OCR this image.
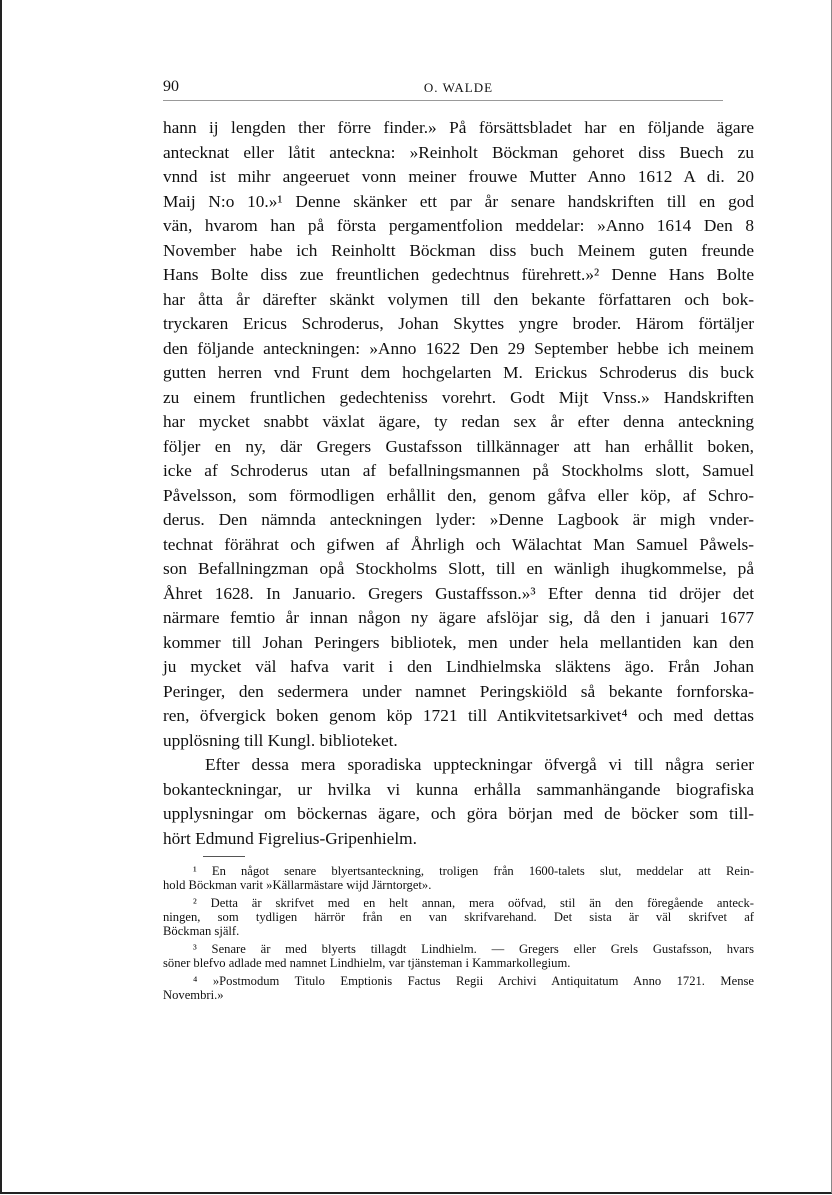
90	O. WALDE
hann ij lengden ther förre finder.» På försättsbladet har en följande ägare
antecknat eller låtit anteckna: »Reinholt Böckman gehoret diss Buech zu
vnnd ist mihr angeeruet vonn meiner frouwe Mutter Anno 1612 A di. 20
Maij N:o 10.»¹ Denne skänker ett par år senare handskriften till en god
vän, hvarom han på första pergamentfolion meddelar: »Anno 1614 Den 8
November habe ich Reinholtt Böckman diss buch Meinem guten freunde
Hans Bolte diss zue freuntlichen gedechtnus fürehrett.»² Denne Hans Bolte
har åtta år därefter skänkt volymen till den bekante författaren och bok-
tryckaren Ericus Schroderus, Johan Skyttes yngre broder. Härom förtäljer
den följande anteckningen: »Anno 1622 Den 29 September hebbe ich meinem
gutten herren vnd Frunt dem hochgelarten M. Erickus Schroderus dis buck
zu einem fruntlichen gedechteniss vorehrt. Godt Mijt Vnss.» Handskriften
har mycket snabbt växlat ägare, ty redan sex år efter denna anteckning
följer en ny, där Gregers Gustafsson tillkännager att han erhållit boken,
icke af Schroderus utan af befallningsmannen på Stockholms slott, Samuel
Påvelsson, som förmodligen erhållit den, genom gåfva eller köp, af Schro-
derus. Den nämnda anteckningen lyder: »Denne Lagbook är migh vnder-
technat förährat och gifwen af Åhrligh och Wälachtat Man Samuel Påwels-
son Befallningzman opå Stockholms Slott, till en wänligh ihugkommelse, på
Åhret 1628. In Januario. Gregers Gustaffsson.»³ Efter denna tid dröjer det
närmare femtio år innan någon ny ägare afslöjar sig, då den i januari 1677
kommer till Johan Peringers bibliotek, men under hela mellantiden kan den
ju mycket väl hafva varit i den Lindhielmska släktens ägo. Från Johan
Peringer, den sedermera under namnet Peringskiöld så bekante fornforska-
ren, öfvergick boken genom köp 1721 till Antikvitetsarkivet⁴ och med dettas
upplösning till Kungl. biblioteket.
Efter dessa mera sporadiska uppteckningar öfvergå vi till några serier
bokanteckningar, ur hvilka vi kunna erhålla sammanhängande biografiska
upplysningar om böckernas ägare, och göra början med de böcker som till-
hört Edmund Figrelius-Gripenhielm.
¹ En något senare blyertsanteckning, troligen från 1600-talets slut, meddelar att Rein-
hold Böckman varit »Källarmästare wijd Järntorget».
² Detta är skrifvet med en helt annan, mera oöfvad, stil än den föregående anteck-
ningen, som tydligen härrör från en van skrifvarehand. Det sista är väl skrifvet af
Böckman själf.
³ Senare är med blyerts tillagdt Lindhielm. — Gregers eller Grels Gustafsson, hvars
söner blefvo adlade med namnet Lindhielm, var tjänsteman i Kammarkollegium.
⁴ »Postmodum Titulo Emptionis Factus Regii Archivi Antiquitatum Anno 1721. Mense
Novembri.»
